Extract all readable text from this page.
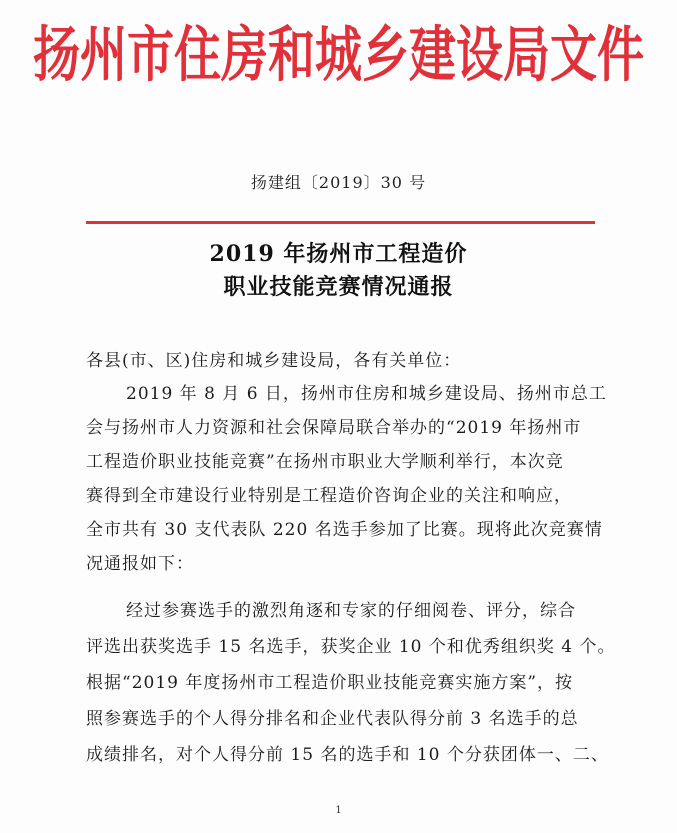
扬州市住房和城乡建设局文件
扬建组〔2019〕30 号
2019 年扬州市工程造价
职业技能竞赛情况通报
各县(市、区)住房和城乡建设局，各有关单位：
2019 年 8 月 6 日，扬州市住房和城乡建设局、扬州市总工
会与扬州市人力资源和社会保障局联合举办的“2019 年扬州市
工程造价职业技能竞赛”在扬州市职业大学顺利举行，本次竞
赛得到全市建设行业特别是工程造价咨询企业的关注和响应，
全市共有 30 支代表队 220 名选手参加了比赛。现将此次竞赛情
况通报如下：
经过参赛选手的激烈角逐和专家的仔细阅卷、评分，综合
评选出获奖选手 15 名选手，获奖企业 10 个和优秀组织奖 4 个。
根据“2019 年度扬州市工程造价职业技能竞赛实施方案”，按
照参赛选手的个人得分排名和企业代表队得分前 3 名选手的总
成绩排名，对个人得分前 15 名的选手和 10 个分获团体一、二、
1
